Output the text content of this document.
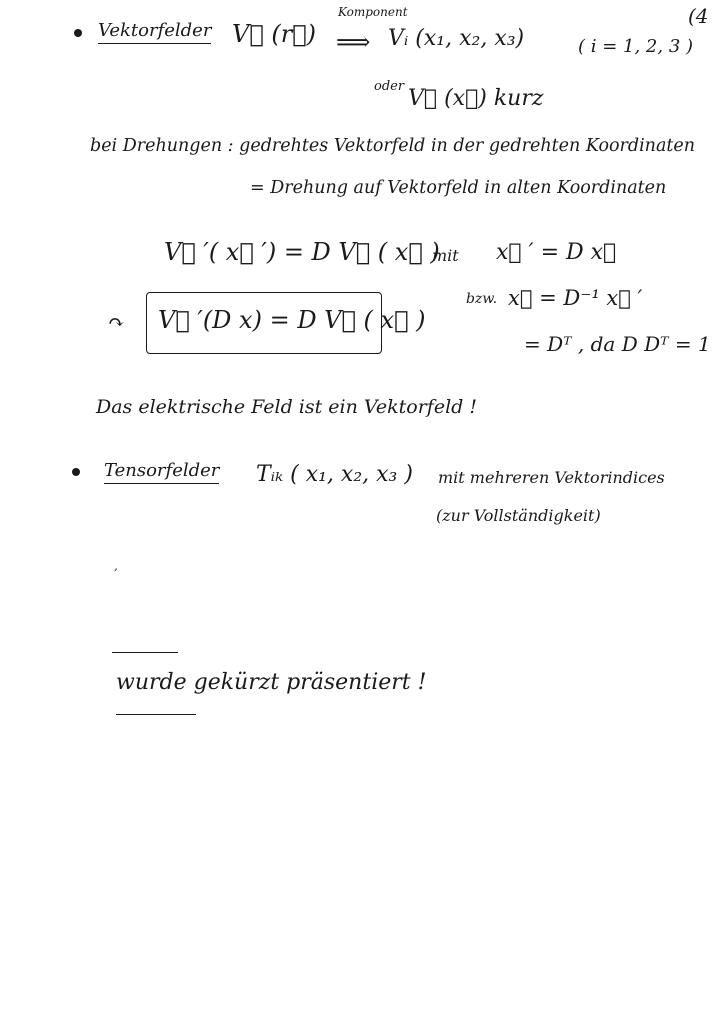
(4
Vektorfelder V⃗ (r⃗)
Komponent
⟹ Vᵢ (x₁, x₂, x₃)	( i = 1, 2, 3 )
oder V⃗ (x⃗) kurz
bei Drehungen : gedrehtes Vektorfeld in der gedrehten Koordinaten
= Drehung auf Vektorfeld in alten Koordinaten
V⃗ ′( x⃗ ′) = D V⃗ ( x⃗ )
mit x⃗ ′ = D x⃗
bzw. x⃗ = D⁻¹ x⃗ ′
= Dᵀ , da D Dᵀ = 1
↷ V⃗ ′(D x) = D V⃗ ( x⃗ )
Das elektrische Feld ist ein Vektorfeld !
Tensorfelder Tᵢₖ ( x₁, x₂, x₃ ) mit mehreren Vektorindices
(zur Vollständigkeit)
,
wurde gekürzt präsentiert !
